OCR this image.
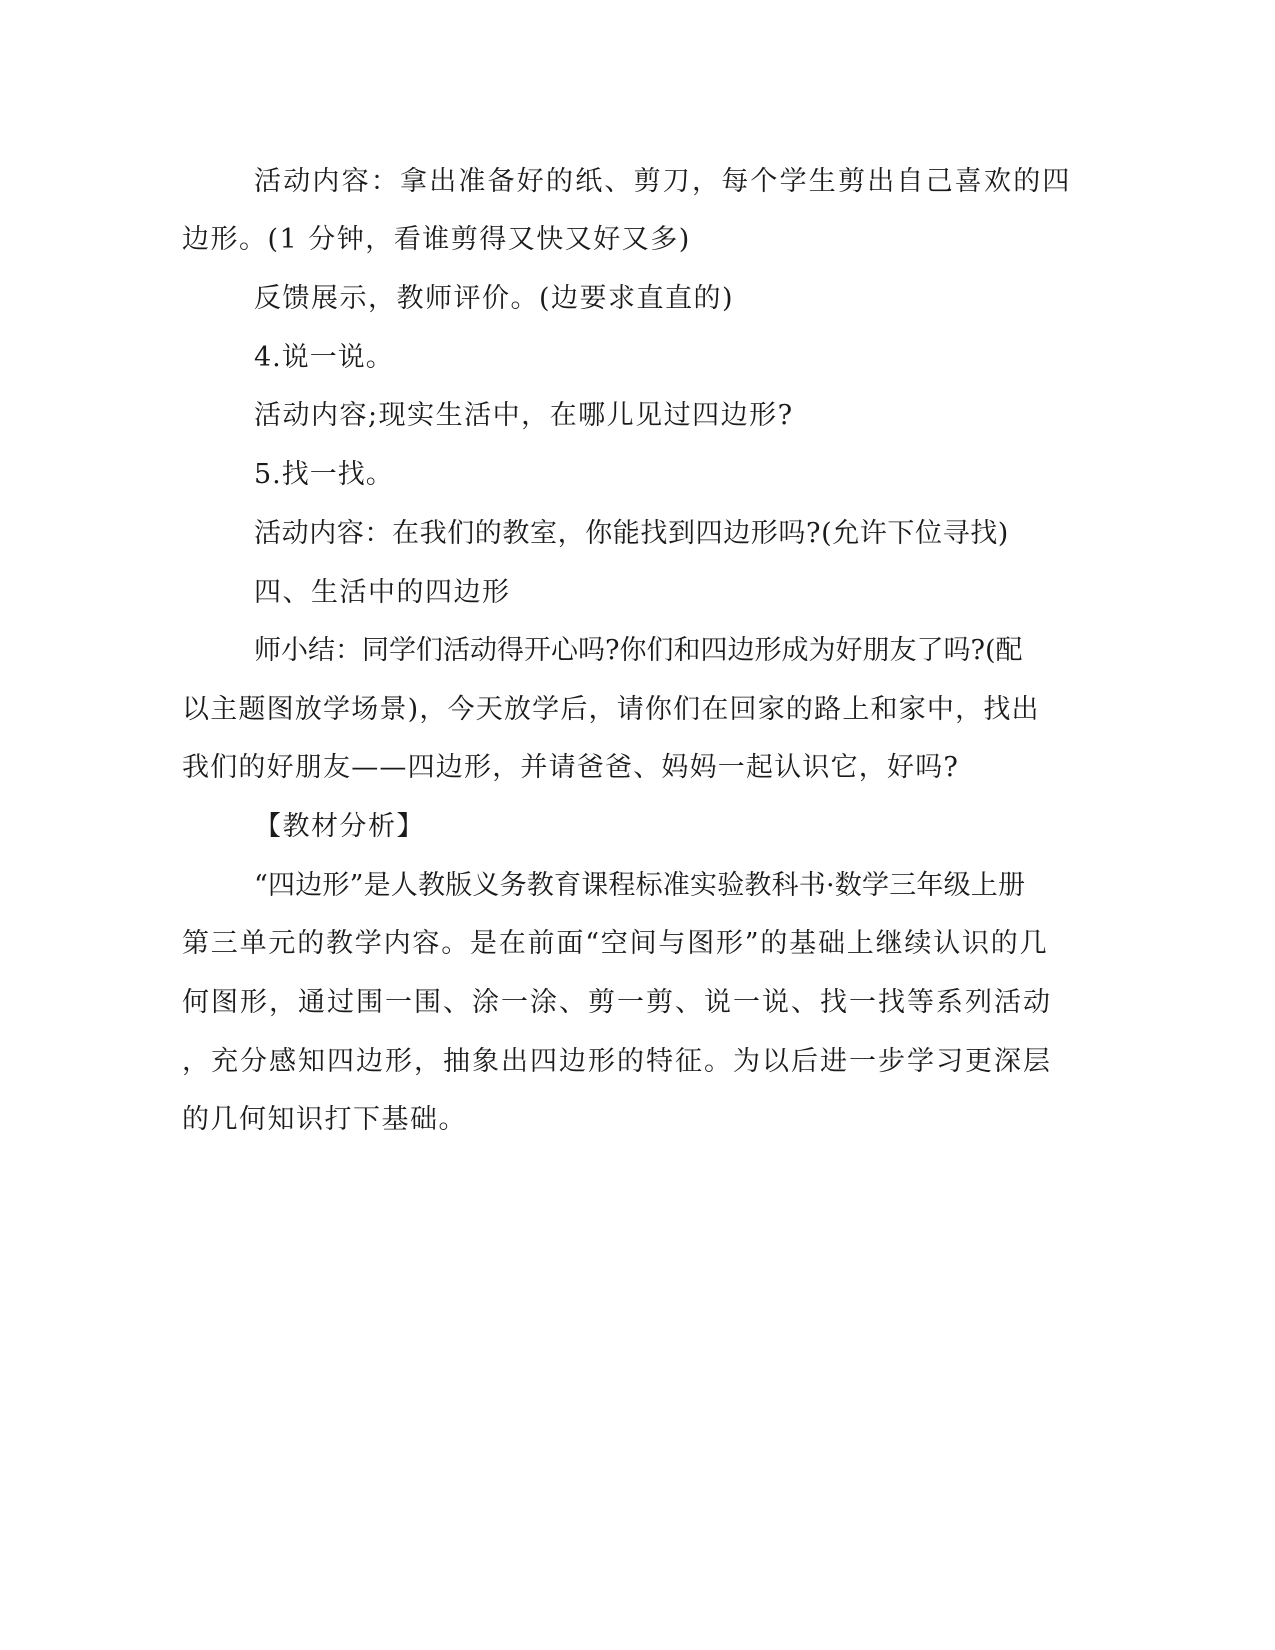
活动内容：拿出准备好的纸、剪刀，每个学生剪出自己喜欢的四
边形。(1 分钟，看谁剪得又快又好又多)
反馈展示，教师评价。(边要求直直的)
4.说一说。
活动内容;现实生活中，在哪儿见过四边形?
5.找一找。
活动内容：在我们的教室，你能找到四边形吗?(允许下位寻找)
四、生活中的四边形
师小结：同学们活动得开心吗?你们和四边形成为好朋友了吗?(配
以主题图放学场景)，今天放学后，请你们在回家的路上和家中，找出
我们的好朋友——四边形，并请爸爸、妈妈一起认识它，好吗?
【教材分析】
“四边形”是人教版义务教育课程标准实验教科书·数学三年级上册
第三单元的教学内容。是在前面“空间与图形”的基础上继续认识的几
何图形，通过围一围、涂一涂、剪一剪、说一说、找一找等系列活动
，充分感知四边形，抽象出四边形的特征。为以后进一步学习更深层
的几何知识打下基础。
